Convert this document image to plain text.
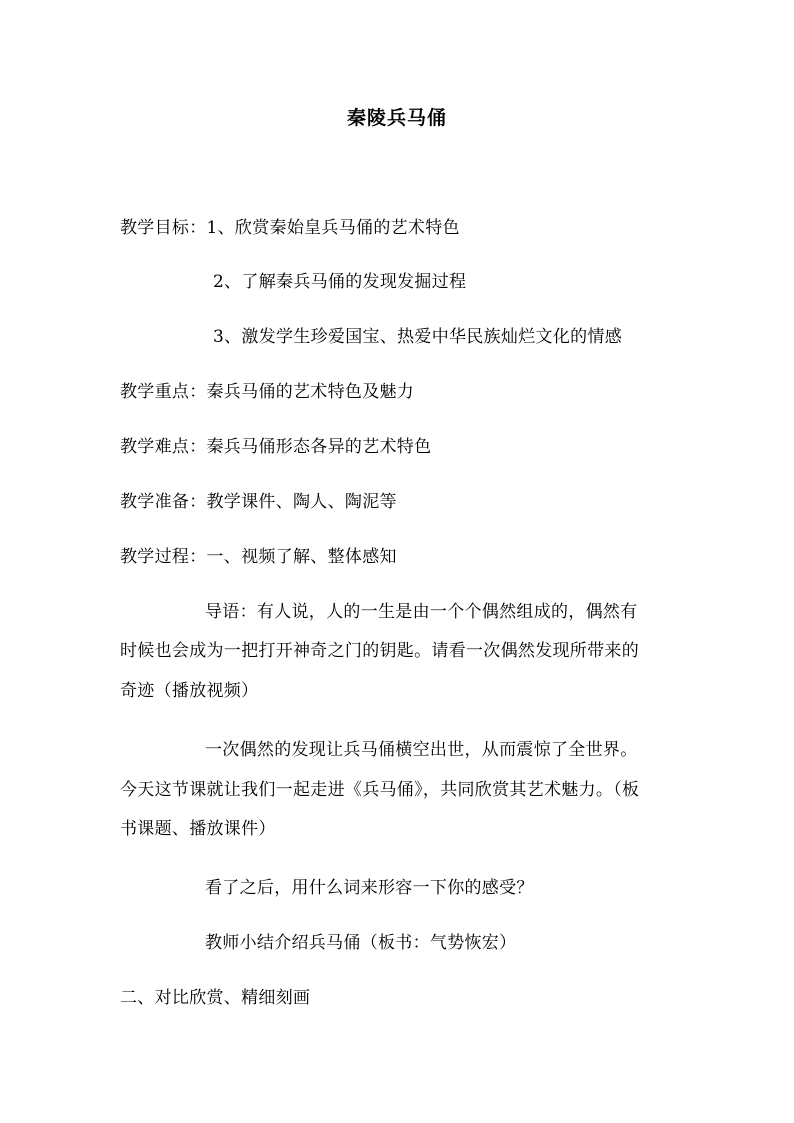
秦陵兵马俑
教学目标：1、欣赏秦始皇兵马俑的艺术特色
2、了解秦兵马俑的发现发掘过程
3、激发学生珍爱国宝、热爱中华民族灿烂文化的情感
教学重点：秦兵马俑的艺术特色及魅力
教学难点：秦兵马俑形态各异的艺术特色
教学准备：教学课件、陶人、陶泥等
教学过程：一、视频了解、整体感知
导语：有人说，人的一生是由一个个偶然组成的，偶然有
时候也会成为一把打开神奇之门的钥匙。请看一次偶然发现所带来的
奇迹（播放视频）
一次偶然的发现让兵马俑横空出世，从而震惊了全世界。
今天这节课就让我们一起走进《兵马俑》，共同欣赏其艺术魅力。（板
书课题、播放课件）
看了之后，用什么词来形容一下你的感受？
教师小结介绍兵马俑（板书：气势恢宏）
二、对比欣赏、精细刻画
